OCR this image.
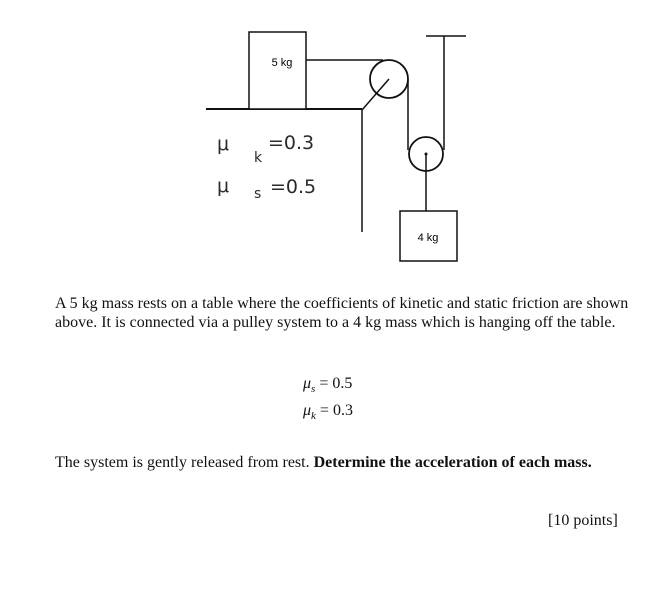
5 kg
4 kg
μ
k
=0.3
μ s =0.5

A 5 kg mass rests on a table where the coefficients of kinetic and static friction are shown above. It is connected via a pulley system to a 4 kg mass which is hanging off the table.

$\mu_s = 0.5$
$\mu_k = 0.3$

The system is gently released from rest. Determine the acceleration of each mass.

[10 points]
